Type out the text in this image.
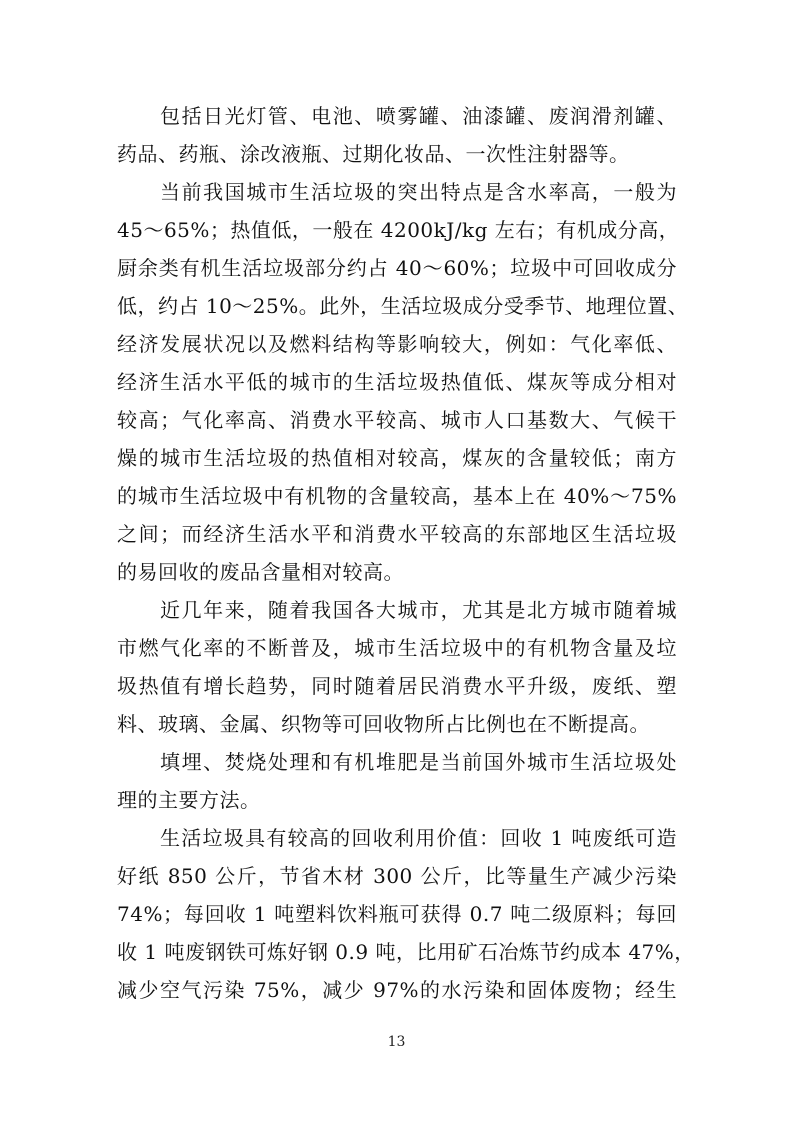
包括日光灯管、电池、喷雾罐、油漆罐、废润滑剂罐、
药品、药瓶、涂改液瓶、过期化妆品、一次性注射器等。
当前我国城市生活垃圾的突出特点是含水率高，一般为
45～65%；热值低，一般在 4200kJ/kg 左右；有机成分高，
厨余类有机生活垃圾部分约占 40～60%；垃圾中可回收成分
低，约占 10～25%。此外，生活垃圾成分受季节、地理位置、
经济发展状况以及燃料结构等影响较大，例如：气化率低、
经济生活水平低的城市的生活垃圾热值低、煤灰等成分相对
较高；气化率高、消费水平较高、城市人口基数大、气候干
燥的城市生活垃圾的热值相对较高，煤灰的含量较低；南方
的城市生活垃圾中有机物的含量较高，基本上在 40%～75%
之间；而经济生活水平和消费水平较高的东部地区生活垃圾
的易回收的废品含量相对较高。
近几年来，随着我国各大城市，尤其是北方城市随着城
市燃气化率的不断普及，城市生活垃圾中的有机物含量及垃
圾热值有增长趋势，同时随着居民消费水平升级，废纸、塑
料、玻璃、金属、织物等可回收物所占比例也在不断提高。
填埋、焚烧处理和有机堆肥是当前国外城市生活垃圾处
理的主要方法。
生活垃圾具有较高的回收利用价值：回收 1 吨废纸可造
好纸 850 公斤，节省木材 300 公斤，比等量生产减少污染
74%；每回收 1 吨塑料饮料瓶可获得 0.7 吨二级原料；每回
收 1 吨废钢铁可炼好钢 0.9 吨，比用矿石冶炼节约成本 47%，
减少空气污染 75%，减少 97%的水污染和固体废物；经生
13
